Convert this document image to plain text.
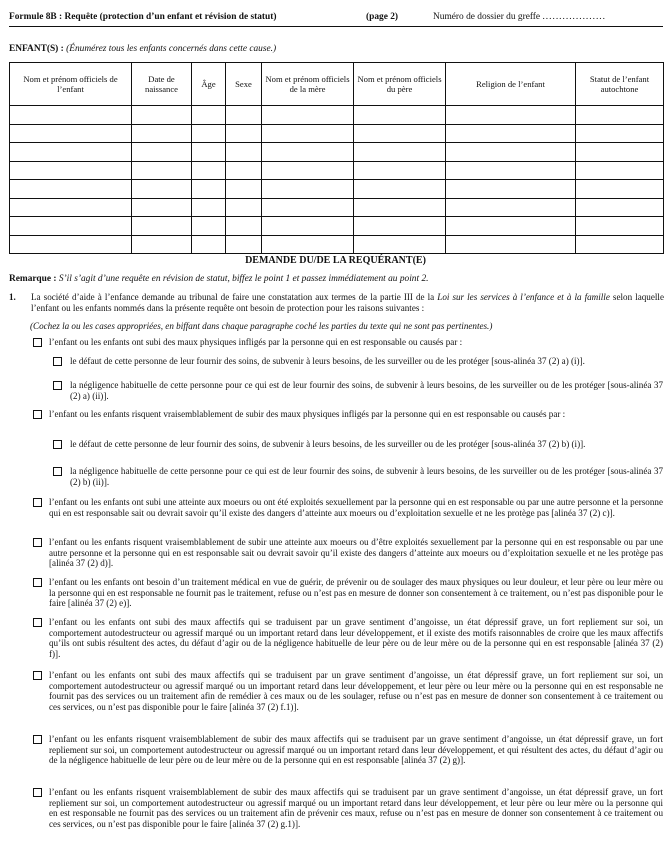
Formule 8B : Requête (protection d’un enfant et révision de statut)	(page 2)	Numéro de dossier du greffe ...................
ENFANT(S) : (Énumérez tous les enfants concernés dans cette cause.)
Nom et prénom officiels de l’enfant	Date de naissance	Âge	Sexe	Nom et prénom officiels de la mère	Nom et prénom officiels du père	Religion de l’enfant	Statut de l’enfant autochtone

DEMANDE DU/DE LA REQUÉRANT(E)
Remarque : S’il s’agit d’une requête en révision de statut, biffez le point 1 et passez immédiatement au point 2.
1. La société d’aide à l’enfance demande au tribunal de faire une constatation aux termes de la partie III de la Loi sur les services à l’enfance et à la famille selon laquelle l’enfant ou les enfants nommés dans la présente requête ont besoin de protection pour les raisons suivantes :
(Cochez la ou les cases appropriées, en biffant dans chaque paragraphe coché les parties du texte qui ne sont pas pertinentes.)
l’enfant ou les enfants ont subi des maux physiques infligés par la personne qui en est responsable ou causés par :
le défaut de cette personne de leur fournir des soins, de subvenir à leurs besoins, de les surveiller ou de les protéger [sous-alinéa 37 (2) a) (i)].
la négligence habituelle de cette personne pour ce qui est de leur fournir des soins, de subvenir à leurs besoins, de les surveiller ou de les protéger [sous-alinéa 37 (2) a) (ii)].
l’enfant ou les enfants risquent vraisemblablement de subir des maux physiques infligés par la personne qui en est responsable ou causés par :
le défaut de cette personne de leur fournir des soins, de subvenir à leurs besoins, de les surveiller ou de les protéger [sous-alinéa 37 (2) b) (i)].
la négligence habituelle de cette personne pour ce qui est de leur fournir des soins, de subvenir à leurs besoins, de les surveiller ou de les protéger [sous-alinéa 37 (2) b) (ii)].
l’enfant ou les enfants ont subi une atteinte aux moeurs ou ont été exploités sexuellement par la personne qui en est responsable ou par une autre personne et la personne qui en est responsable sait ou devrait savoir qu’il existe des dangers d’atteinte aux moeurs ou d’exploitation sexuelle et ne les protège pas [alinéa 37 (2) c)].
l’enfant ou les enfants risquent vraisemblablement de subir une atteinte aux moeurs ou d’être exploités sexuellement par la personne qui en est responsable ou par une autre personne et la personne qui en est responsable sait ou devrait savoir qu’il existe des dangers d’atteinte aux moeurs ou d’exploitation sexuelle et ne les protège pas [alinéa 37 (2) d)].
l’enfant ou les enfants ont besoin d’un traitement médical en vue de guérir, de prévenir ou de soulager des maux physiques ou leur douleur, et leur père ou leur mère ou la personne qui en est responsable ne fournit pas le traitement, refuse ou n’est pas en mesure de donner son consentement à ce traitement, ou n’est pas disponible pour le faire [alinéa 37 (2) e)].
l’enfant ou les enfants ont subi des maux affectifs qui se traduisent par un grave sentiment d’angoisse, un état dépressif grave, un fort repliement sur soi, un comportement autodestructeur ou agressif marqué ou un important retard dans leur développement, et il existe des motifs raisonnables de croire que les maux affectifs qu’ils ont subis résultent des actes, du défaut d’agir ou de la négligence habituelle de leur père ou de leur mère ou de la personne qui en est responsable [alinéa 37 (2) f)].
l’enfant ou les enfants ont subi des maux affectifs qui se traduisent par un grave sentiment d’angoisse, un état dépressif grave, un fort repliement sur soi, un comportement autodestructeur ou agressif marqué ou un important retard dans leur développement, et leur père ou leur mère ou la personne qui en est responsable ne fournit pas des services ou un traitement afin de remédier à ces maux ou de les soulager, refuse ou n’est pas en mesure de donner son consentement à ce traitement ou ces services, ou n’est pas disponible pour le faire [alinéa 37 (2) f.1)].
l’enfant ou les enfants risquent vraisemblablement de subir des maux affectifs qui se traduisent par un grave sentiment d’angoisse, un état dépressif grave, un fort repliement sur soi, un comportement autodestructeur ou agressif marqué ou un important retard dans leur développement, et qui résultent des actes, du défaut d’agir ou de la négligence habituelle de leur père ou de leur mère ou de la personne qui en est responsable [alinéa 37 (2) g)].
l’enfant ou les enfants risquent vraisemblablement de subir des maux affectifs qui se traduisent par un grave sentiment d’angoisse, un état dépressif grave, un fort repliement sur soi, un comportement autodestructeur ou agressif marqué ou un important retard dans leur développement, et leur père ou leur mère ou la personne qui en est responsable ne fournit pas des services ou un traitement afin de prévenir ces maux, refuse ou n’est pas en mesure de donner son consentement à ce traitement ou ces services, ou n’est pas disponible pour le faire [alinéa 37 (2) g.1)].
